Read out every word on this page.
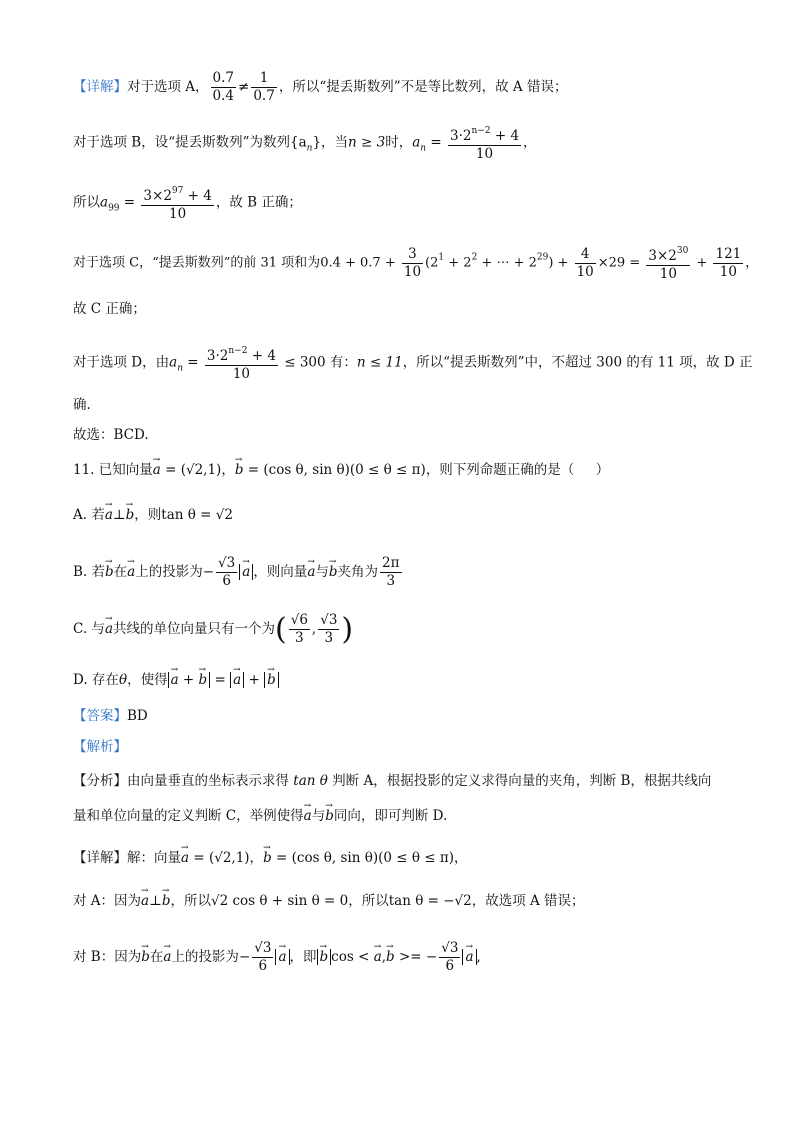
【详解】对于选项 A， $\frac{0.7}{0.4} \ne \frac{1}{0.7}$ ，所以“提丢斯数列”不是等比数列，故 A 错误；
对于选项 B，设“提丢斯数列”为数列$\{a_n\}$，当n ≥ 3时，$a_n = \frac{3\cdot 2^{n-2} + 4}{10}$ ，
所以$a_{99} = \frac{3\times 2^{97} + 4}{10}$ ，故 B 正确；
对于选项 C，“提丢斯数列”的前 31 项和为$0.4 + 0.7 + \frac{3}{10} (2^1 + 2^2$ + ⋯ + $2^{29}) + \frac{4}{10} \times 29 = \frac{3\times 2^{30}}{10} + \frac{121}{10}$ ，
故 C 正确；
对于选项 D，由$a_n = \frac{3\cdot 2^{n-2} + 4}{10} \le 300$ 有：n ≤ 11，所以“提丢斯数列”中，不超过 300 的有 11 项，故 D 正
确.
故选：BCD.
11. 已知向量→ a = (√2,1)，→ b = (cos θ, sin θ)(0 ≤ θ ≤ π)，则下列命题正确的是（     ）
A. 若→ a⊥→ b，则tan θ = √2
B. 若→ b在→ a上的投影为− $\frac{√3}{6}$
→ a ，则向量→ a与→ b夹角为 $\frac{2\pi}{3}$
C. 与→ a共线的单位向量只有一个为( $\frac{√6}{3}$ , $\frac{√3}{3}$ )
D. 存在θ，使得→ a + → b = → a + → b
【答案】BD
【解析】
【分析】由向量垂直的坐标表示求得 tan θ 判断 A，根据投影的定义求得向量的夹角，判断 B，根据共线向
量和单位向量的定义判断 C，举例使得→ a与→ b同向，即可判断 D.
【详解】解：向量→ a = (√2,1)，→ b = (cos θ, sin θ)(0 ≤ θ ≤ π)，
对 A：因为→ a⊥→ b，所以√2 cos θ + sin θ = 0，所以tan θ = −√2，故选项 A 错误；
对 B：因为→ b在→ a上的投影为− $\frac{√3}{6}$
→ a ，即→ b cos < → a,→ b >= − $\frac{√3}{6}$
→ a ,
